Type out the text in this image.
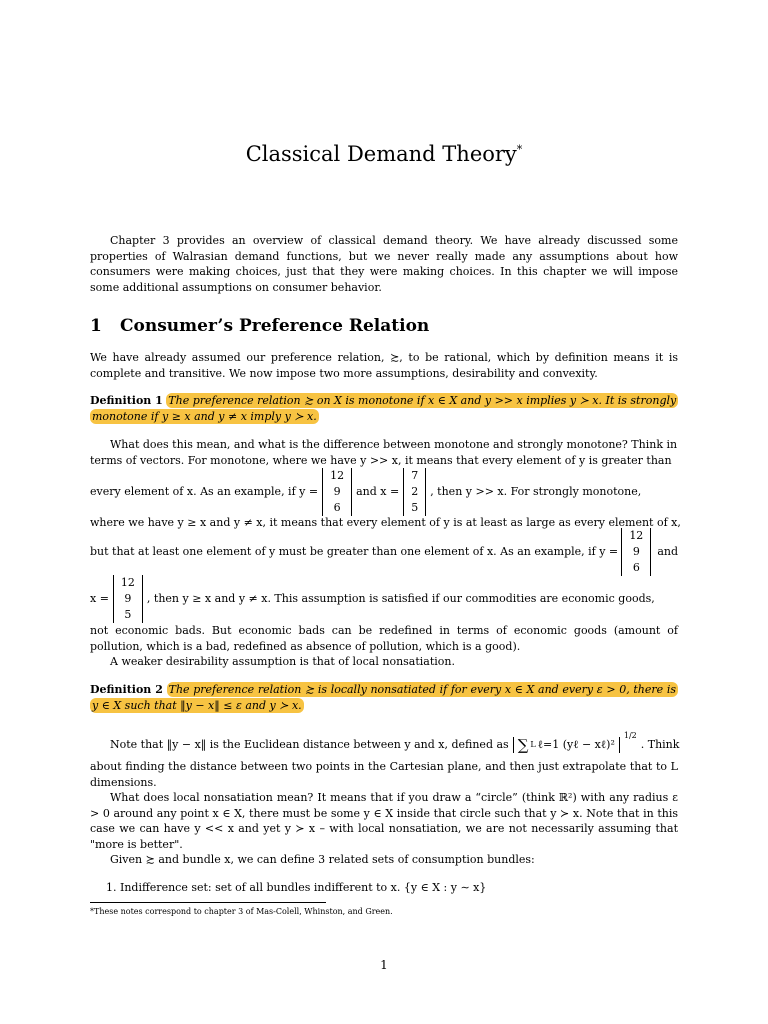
Classical Demand Theory*
Chapter 3 provides an overview of classical demand theory. We have already discussed some properties of Walrasian demand functions, but we never really made any assumptions about how consumers were making choices, just that they were making choices. In this chapter we will impose some additional assumptions on consumer behavior.
1 Consumer’s Preference Relation
We have already assumed our preference relation, ≿, to be rational, which by definition means it is complete and transitive. We now impose two more assumptions, desirability and convexity.
Definition 1 The preference relation ≿ on X is monotone if x ∈ X and y >> x implies y ≻ x. It is strongly monotone if y ≥ x and y ≠ x imply y ≻ x.
What does this mean, and what is the difference between monotone and strongly monotone? Think in
terms of vectors. For monotone, where we have y >> x, it means that every element of y is greater than
every element of x. As an example, if y =
12
9
6
and x =
7
2
5
, then y >> x. For strongly monotone,
where we have y ≥ x and y ≠ x, it means that every element of y is at least as large as every element of x,
but that at least one element of y must be greater than one element of x. As an example, if y =
12
9
6
and
x =
12
9
5
, then y ≥ x and y ≠ x. This assumption is satisfied if our commodities are economic goods,
not economic bads. But economic bads can be redefined in terms of economic goods (amount of pollution, which is a bad, redefined as absence of pollution, which is a good).
A weaker desirability assumption is that of local nonsatiation.
Definition 2 The preference relation ≿ is locally nonsatiated if for every x ∈ X and every ε > 0, there is y ∈ X such that ‖y − x‖ ≤ ε and y ≻ x.
Note that ‖y − x‖ is the Euclidean distance between y and x, defined as ∑ L ℓ=1 (yℓ − xℓ)²
$^{1/2}$
. Think
about finding the distance between two points in the Cartesian plane, and then just extrapolate that to L dimensions.
What does local nonsatiation mean? It means that if you draw a “circle” (think ℝ²) with any radius ε > 0 around any point x ∈ X, there must be some y ∈ X inside that circle such that y ≻ x. Note that in this case we can have y << x and yet y ≻ x – with local nonsatiation, we are not necessarily assuming that "more is better".
Given ≿ and bundle x, we can define 3 related sets of consumption bundles:
1. Indifference set: set of all bundles indifferent to x. {y ∈ X : y ∼ x}
*These notes correspond to chapter 3 of Mas-Colell, Whinston, and Green.
1
